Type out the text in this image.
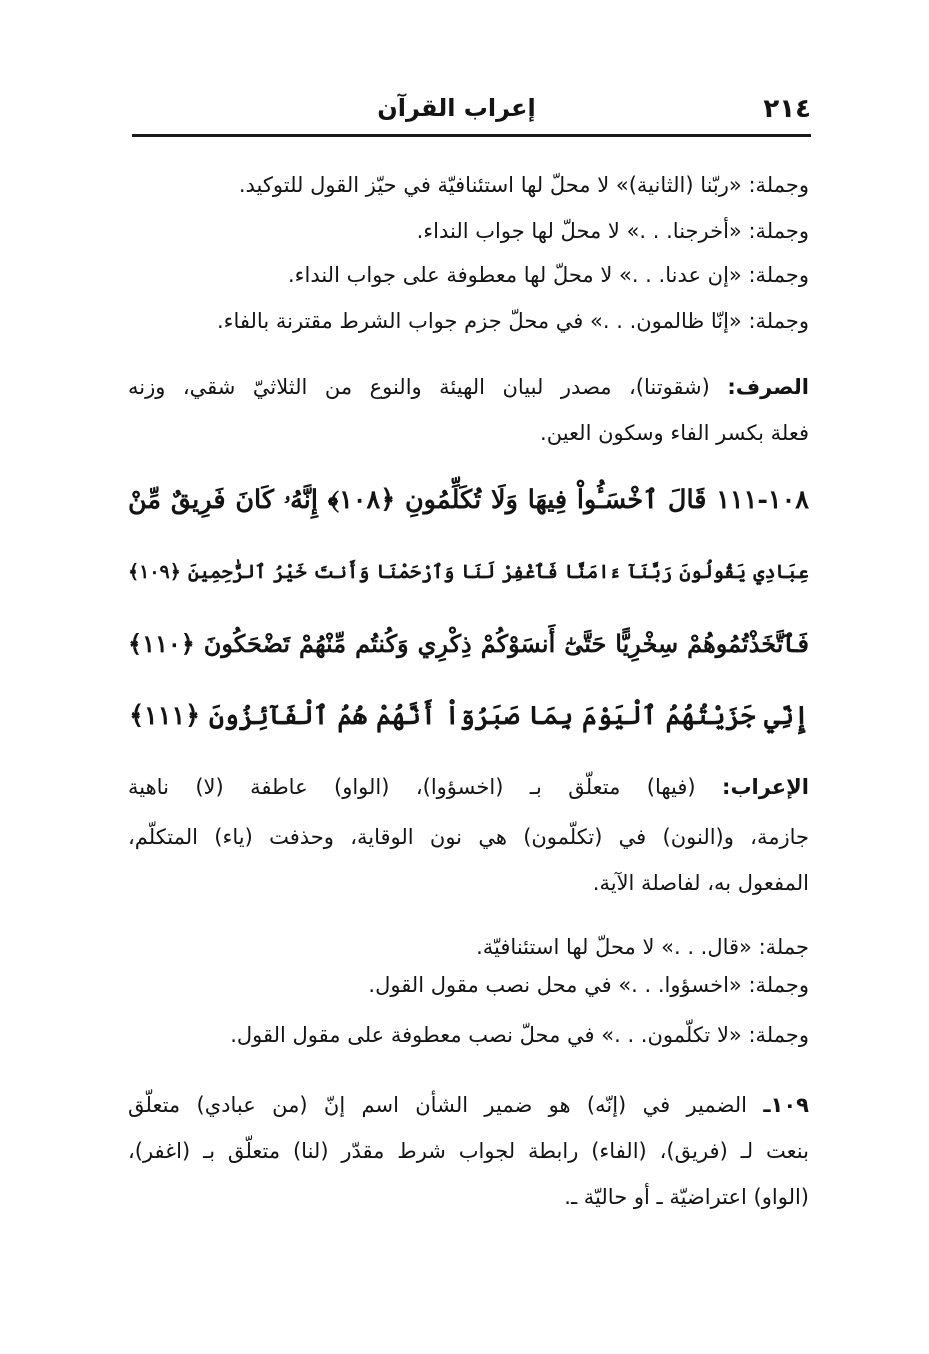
٢١٤
إعراب القرآن
وجملة: «ربّنا (الثانية)» لا محلّ لها استئنافيّة في حيّز القول للتوكيد.
وجملة: «أخرجنا. . .» لا محلّ لها جواب النداء.
وجملة: «إن عدنا. . .» لا محلّ لها معطوفة على جواب النداء.
وجملة: «إنّا ظالمون. . .» في محلّ جزم جواب الشرط مقترنة بالفاء.
الصرف: (شقوتنا)، مصدر لبيان الهيئة والنوع من الثلاثيّ شقي، وزنه
فعلة بكسر الفاء وسكون العين.
١٠٨-١١١ قَالَ ٱخْسَـُٔواْ فِيهَا وَلَا تُكَلِّمُونِ ﴿١٠٨﴾ إِنَّهُۥ كَانَ فَرِيقٌ مِّنْ
عِبَادِي يَقُولُونَ رَبَّنَآ ءَامَنَّا فَٱغْفِرْ لَنَا وَٱرْحَمْنَا وَأَنتَ خَيْرُ ٱلرَّٰحِمِينَ ﴿١٠٩﴾
فَٱتَّخَذْتُمُوهُمْ سِخْرِيًّا حَتَّىٰٓ أَنسَوْكُمْ ذِكْرِي وَكُنتُم مِّنْهُمْ تَضْحَكُونَ ﴿١١٠﴾
إِنِّي جَزَيْتُهُمُ ٱلْيَوْمَ بِمَا صَبَرُوٓاْ أَنَّهُمْ هُمُ ٱلْفَآئِزُونَ ﴿١١١﴾
الإعراب: (فيها) متعلّق بـ (اخسؤوا)، (الواو) عاطفة (لا) ناهية
جازمة، و(النون) في (تكلّمون) هي نون الوقاية، وحذفت (ياء) المتكلّم،
المفعول به، لفاصلة الآية.
جملة: «قال. . .» لا محلّ لها استئنافيّة.
وجملة: «اخسؤوا. . .» في محل نصب مقول القول.
وجملة: «لا تكلّمون. . .» في محلّ نصب معطوفة على مقول القول.
١٠٩ـ الضمير في (إنّه) هو ضمير الشأن اسم إنّ (من عبادي) متعلّق
بنعت لـ (فريق)، (الفاء) رابطة لجواب شرط مقدّر (لنا) متعلّق بـ (اغفر)،
(الواو) اعتراضيّة ـ أو حاليّة ـ.
